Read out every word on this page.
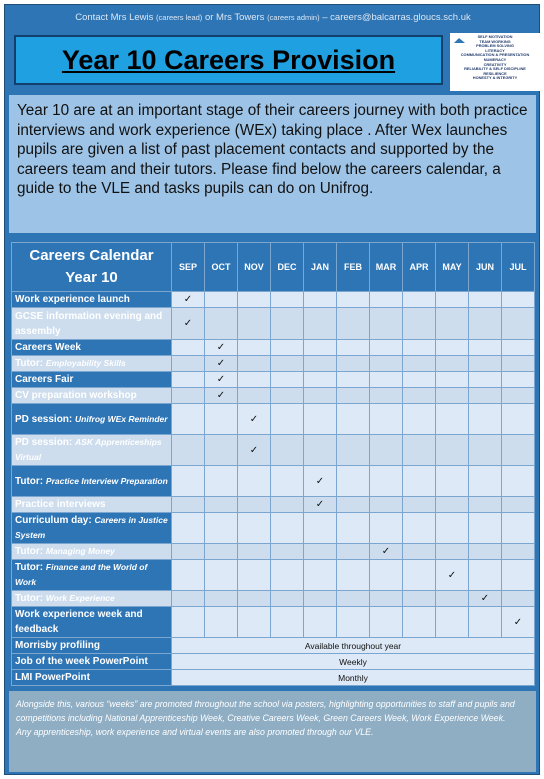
Contact Mrs Lewis (careers lead) or Mrs Towers (careers admin) – careers@balcarras.gloucs.sch.uk
Year 10 Careers Provision
SELF MOTIVATION
TEAM WORKING
PROBLEM SOLVING
LITERACY
COMMUNICATION & PRESENTATION
NUMERACY
CREATIVITY
RELIABILITY & SELF DISCIPLINE
RESILIENCE
HONESTY & INTEGRITY
Year 10 are at an important stage of their careers journey with both practice interviews and work experience (WEx) taking place . After Wex launches pupils are given a list of past placement contacts and supported by the careers team and their tutors. Please find below the careers calendar, a guide to the VLE and tasks pupils can do on Unifrog.
Careers Calendar
Year 10	SEP	OCT	NOV	DEC	JAN	FEB	MAR	APR	MAY	JUN	JUL
Work experience launch	✓										
GCSE information evening and assembly	✓										
Careers Week		✓									
Tutor: Employability Skills		✓									
Careers Fair		✓									
CV preparation workshop		✓									
PD session: Unifrog WEx Reminder			✓								
PD session: ASK Apprenticeships Virtual			✓								
Tutor: Practice Interview Preparation					✓						
Practice interviews					✓						
Curriculum day: Careers in Justice System											
Tutor: Managing Money							✓				
Tutor: Finance and the World of Work									✓		
Tutor: Work Experience										✓	
Work experience week and feedback											✓
Morrisby profiling	Available throughout year										
Job of the week PowerPoint	Weekly										
LMI PowerPoint	Monthly										
Alongside this, various “weeks” are promoted throughout the school via posters, highlighting opportunities to staff and pupils and competitions including National Apprenticeship Week, Creative Careers Week, Green Careers Week, Work Experience Week.
Any apprenticeship, work experience and virtual events are also promoted through our VLE.
